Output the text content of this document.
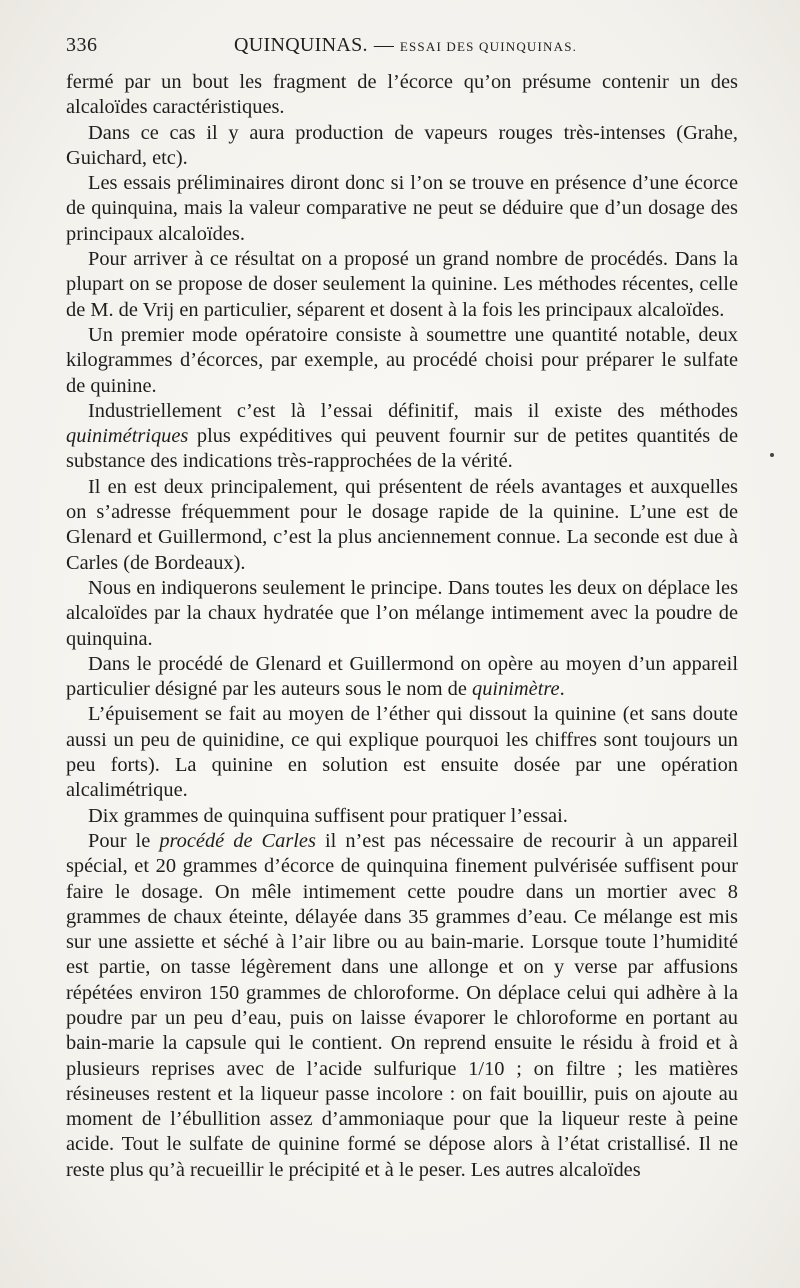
336	QUINQUINAS. — ESSAI DES QUINQUINAS.

fermé par un bout les fragment de l’écorce qu’on présume contenir un des alcaloïdes caractéristiques.

Dans ce cas il y aura production de vapeurs rouges très-intenses (Grahe, Guichard, etc).

Les essais préliminaires diront donc si l’on se trouve en présence d’une écorce de quinquina, mais la valeur comparative ne peut se déduire que d’un dosage des principaux alcaloïdes.

Pour arriver à ce résultat on a proposé un grand nombre de procédés. Dans la plupart on se propose de doser seulement la quinine. Les méthodes récentes, celle de M. de Vrij en particulier, séparent et dosent à la fois les principaux alcaloïdes.

Un premier mode opératoire consiste à soumettre une quantité notable, deux kilogrammes d’écorces, par exemple, au procédé choisi pour préparer le sulfate de quinine.

Industriellement c’est là l’essai définitif, mais il existe des méthodes quinimétriques plus expéditives qui peuvent fournir sur de petites quantités de substance des indications très-rapprochées de la vérité.

Il en est deux principalement, qui présentent de réels avantages et auxquelles on s’adresse fréquemment pour le dosage rapide de la quinine. L’une est de Glenard et Guillermond, c’est la plus anciennement connue. La seconde est due à Carles (de Bordeaux).

Nous en indiquerons seulement le principe. Dans toutes les deux on déplace les alcaloïdes par la chaux hydratée que l’on mélange intimement avec la poudre de quinquina.

Dans le procédé de Glenard et Guillermond on opère au moyen d’un appareil particulier désigné par les auteurs sous le nom de quinimètre.

L’épuisement se fait au moyen de l’éther qui dissout la quinine (et sans doute aussi un peu de quinidine, ce qui explique pourquoi les chiffres sont toujours un peu forts). La quinine en solution est ensuite dosée par une opération alcalimétrique.

Dix grammes de quinquina suffisent pour pratiquer l’essai.

Pour le procédé de Carles il n’est pas nécessaire de recourir à un appareil spécial, et 20 grammes d’écorce de quinquina finement pulvérisée suffisent pour faire le dosage. On mêle intimement cette poudre dans un mortier avec 8 grammes de chaux éteinte, délayée dans 35 grammes d’eau. Ce mélange est mis sur une assiette et séché à l’air libre ou au bain-marie. Lorsque toute l’humidité est partie, on tasse légèrement dans une allonge et on y verse par affusions répétées environ 150 grammes de chloroforme. On déplace celui qui adhère à la poudre par un peu d’eau, puis on laisse évaporer le chloroforme en portant au bain-marie la capsule qui le contient. On reprend ensuite le résidu à froid et à plusieurs reprises avec de l’acide sulfurique 1/10 ; on filtre ; les matières résineuses restent et la liqueur passe incolore : on fait bouillir, puis on ajoute au moment de l’ébullition assez d’ammoniaque pour que la liqueur reste à peine acide. Tout le sulfate de quinine formé se dépose alors à l’état cristallisé. Il ne reste plus qu’à recueillir le précipité et à le peser. Les autres alcaloïdes
